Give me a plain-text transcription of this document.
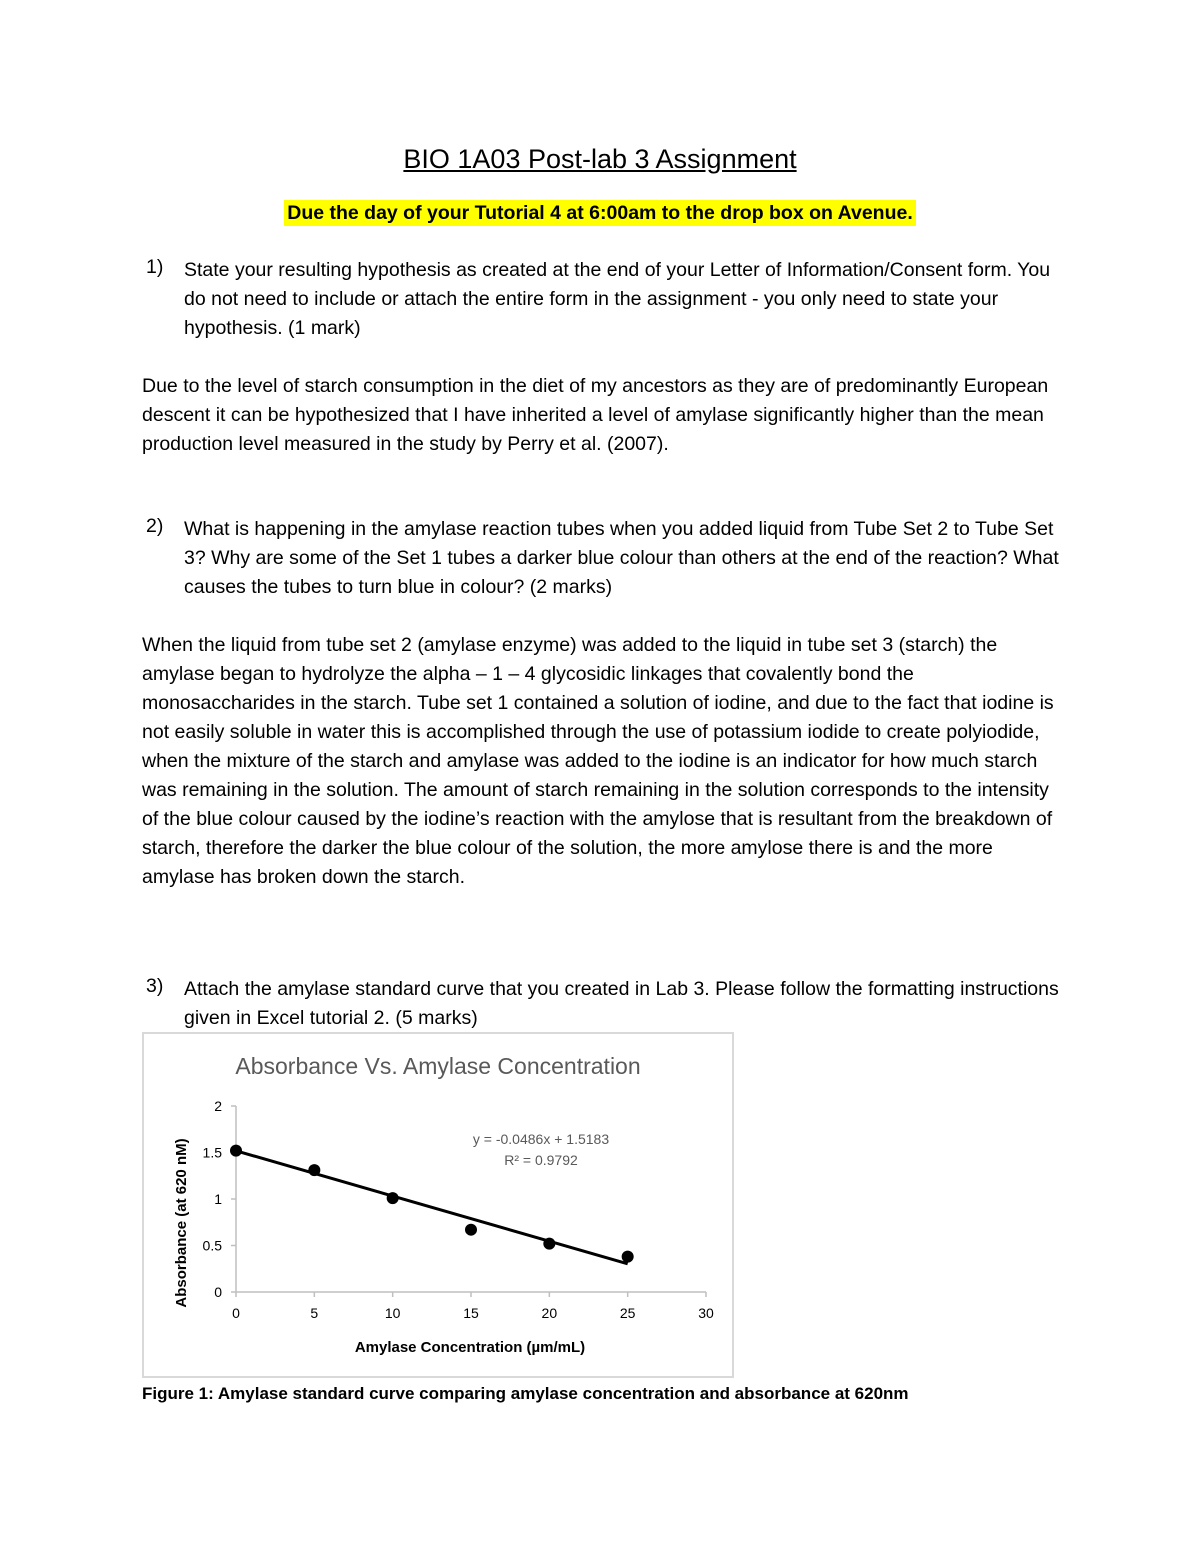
BIO 1A03 Post-lab 3 Assignment
Due the day of your Tutorial 4 at 6:00am to the drop box on Avenue.
1) State your resulting hypothesis as created at the end of your Letter of Information/Consent form. You do not need to include or attach the entire form in the assignment - you only need to state your hypothesis. (1 mark)
Due to the level of starch consumption in the diet of my ancestors as they are of predominantly European descent it can be hypothesized that I have inherited a level of amylase significantly higher than the mean production level measured in the study by Perry et al. (2007).
2) What is happening in the amylase reaction tubes when you added liquid from Tube Set 2 to Tube Set 3? Why are some of the Set 1 tubes a darker blue colour than others at the end of the reaction? What causes the tubes to turn blue in colour? (2 marks)
When the liquid from tube set 2 (amylase enzyme) was added to the liquid in tube set 3 (starch) the amylase began to hydrolyze the alpha – 1 – 4 glycosidic linkages that covalently bond the monosaccharides in the starch. Tube set 1 contained a solution of iodine, and due to the fact that iodine is not easily soluble in water this is accomplished through the use of potassium iodide to create polyiodide, when the mixture of the starch and amylase was added to the iodine is an indicator for how much starch was remaining in the solution. The amount of starch remaining in the solution corresponds to the intensity of the blue colour caused by the iodine’s reaction with the amylose that is resultant from the breakdown of starch, therefore the darker the blue colour of the solution, the more amylose there is and the more amylase has broken down the starch.
3) Attach the amylase standard curve that you created in Lab 3. Please follow the formatting instructions given in Excel tutorial 2. (5 marks)
Absorbance Vs. Amylase Concentration
0
0.5
1
1.5
2
0	5	10	15	20	25	30
y = -0.0486x + 1.5183
R² = 0.9792
Amylase Concentration (µm/mL)
Absorbance (at 620 nM)
Figure 1: Amylase standard curve comparing amylase concentration and absorbance at 620nm
